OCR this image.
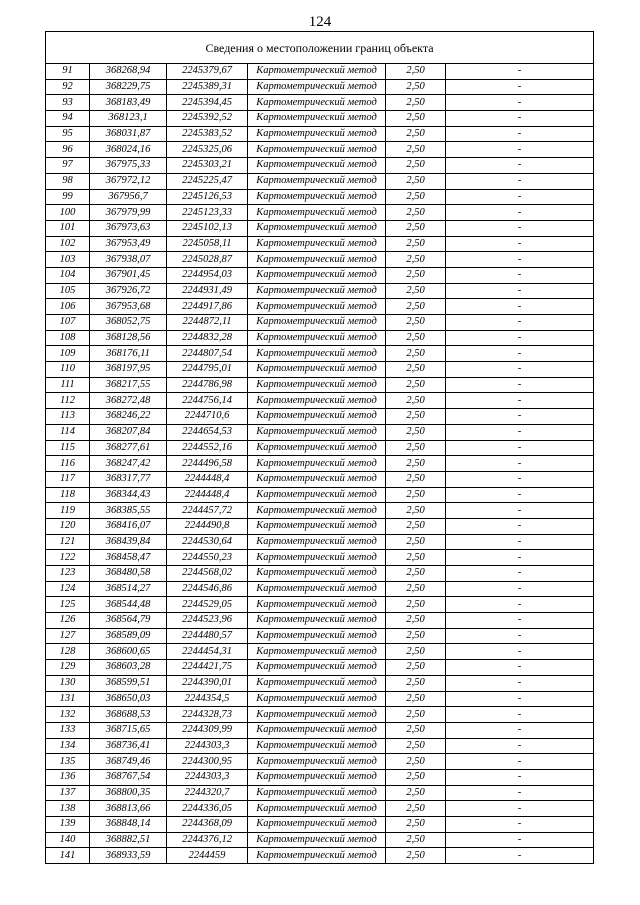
124
Сведения о местоположении границ объекта					
91	368268,94	2245379,67	Картометрический метод	2,50	-
92	368229,75	2245389,31	Картометрический метод	2,50	-
93	368183,49	2245394,45	Картометрический метод	2,50	-
94	368123,1	2245392,52	Картометрический метод	2,50	-
95	368031,87	2245383,52	Картометрический метод	2,50	-
96	368024,16	2245325,06	Картометрический метод	2,50	-
97	367975,33	2245303,21	Картометрический метод	2,50	-
98	367972,12	2245225,47	Картометрический метод	2,50	-
99	367956,7	2245126,53	Картометрический метод	2,50	-
100	367979,99	2245123,33	Картометрический метод	2,50	-
101	367973,63	2245102,13	Картометрический метод	2,50	-
102	367953,49	2245058,11	Картометрический метод	2,50	-
103	367938,07	2245028,87	Картометрический метод	2,50	-
104	367901,45	2244954,03	Картометрический метод	2,50	-
105	367926,72	2244931,49	Картометрический метод	2,50	-
106	367953,68	2244917,86	Картометрический метод	2,50	-
107	368052,75	2244872,11	Картометрический метод	2,50	-
108	368128,56	2244832,28	Картометрический метод	2,50	-
109	368176,11	2244807,54	Картометрический метод	2,50	-
110	368197,95	2244795,01	Картометрический метод	2,50	-
111	368217,55	2244786,98	Картометрический метод	2,50	-
112	368272,48	2244756,14	Картометрический метод	2,50	-
113	368246,22	2244710,6	Картометрический метод	2,50	-
114	368207,84	2244654,53	Картометрический метод	2,50	-
115	368277,61	2244552,16	Картометрический метод	2,50	-
116	368247,42	2244496,58	Картометрический метод	2,50	-
117	368317,77	2244448,4	Картометрический метод	2,50	-
118	368344,43	2244448,4	Картометрический метод	2,50	-
119	368385,55	2244457,72	Картометрический метод	2,50	-
120	368416,07	2244490,8	Картометрический метод	2,50	-
121	368439,84	2244530,64	Картометрический метод	2,50	-
122	368458,47	2244550,23	Картометрический метод	2,50	-
123	368480,58	2244568,02	Картометрический метод	2,50	-
124	368514,27	2244546,86	Картометрический метод	2,50	-
125	368544,48	2244529,05	Картометрический метод	2,50	-
126	368564,79	2244523,96	Картометрический метод	2,50	-
127	368589,09	2244480,57	Картометрический метод	2,50	-
128	368600,65	2244454,31	Картометрический метод	2,50	-
129	368603,28	2244421,75	Картометрический метод	2,50	-
130	368599,51	2244390,01	Картометрический метод	2,50	-
131	368650,03	2244354,5	Картометрический метод	2,50	-
132	368688,53	2244328,73	Картометрический метод	2,50	-
133	368715,65	2244309,99	Картометрический метод	2,50	-
134	368736,41	2244303,3	Картометрический метод	2,50	-
135	368749,46	2244300,95	Картометрический метод	2,50	-
136	368767,54	2244303,3	Картометрический метод	2,50	-
137	368800,35	2244320,7	Картометрический метод	2,50	-
138	368813,66	2244336,05	Картометрический метод	2,50	-
139	368848,14	2244368,09	Картометрический метод	2,50	-
140	368882,51	2244376,12	Картометрический метод	2,50	-
141	368933,59	2244459	Картометрический метод	2,50	-
